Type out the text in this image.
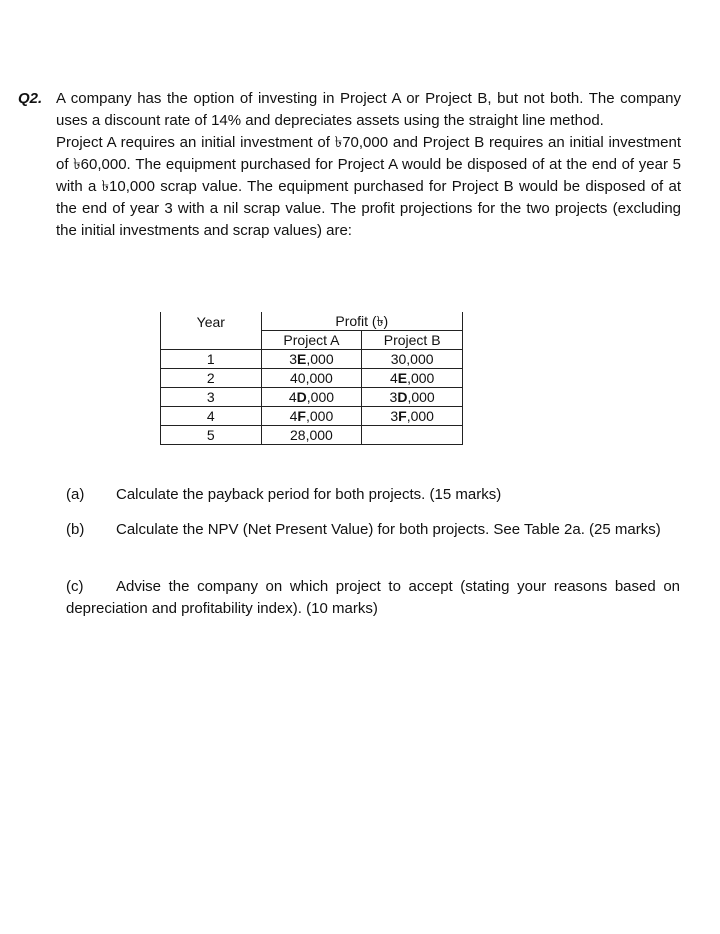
Q2. A company has the option of investing in Project A or Project B, but not both. The company uses a discount rate of 14% and depreciates assets using the straight line method.

Project A requires an initial investment of ৳70,000 and Project B requires an initial investment of ৳60,000. The equipment purchased for Project A would be disposed of at the end of year 5 with a ৳10,000 scrap value. The equipment purchased for Project B would be disposed of at the end of year 3 with a nil scrap value. The profit projections for the two projects (excluding the initial investments and scrap values) are:

Year	Profit (৳)	
	Project A	Project B
1	3E,000	30,000
2	40,000	4E,000
3	4D,000	3D,000
4	4F,000	3F,000
5	28,000	

(a) Calculate the payback period for both projects. (15 marks)

(b) Calculate the NPV (Net Present Value) for both projects. See Table 2a. (25 marks)

(c) Advise the company on which project to accept (stating your reasons based on depreciation and profitability index). (10 marks)
